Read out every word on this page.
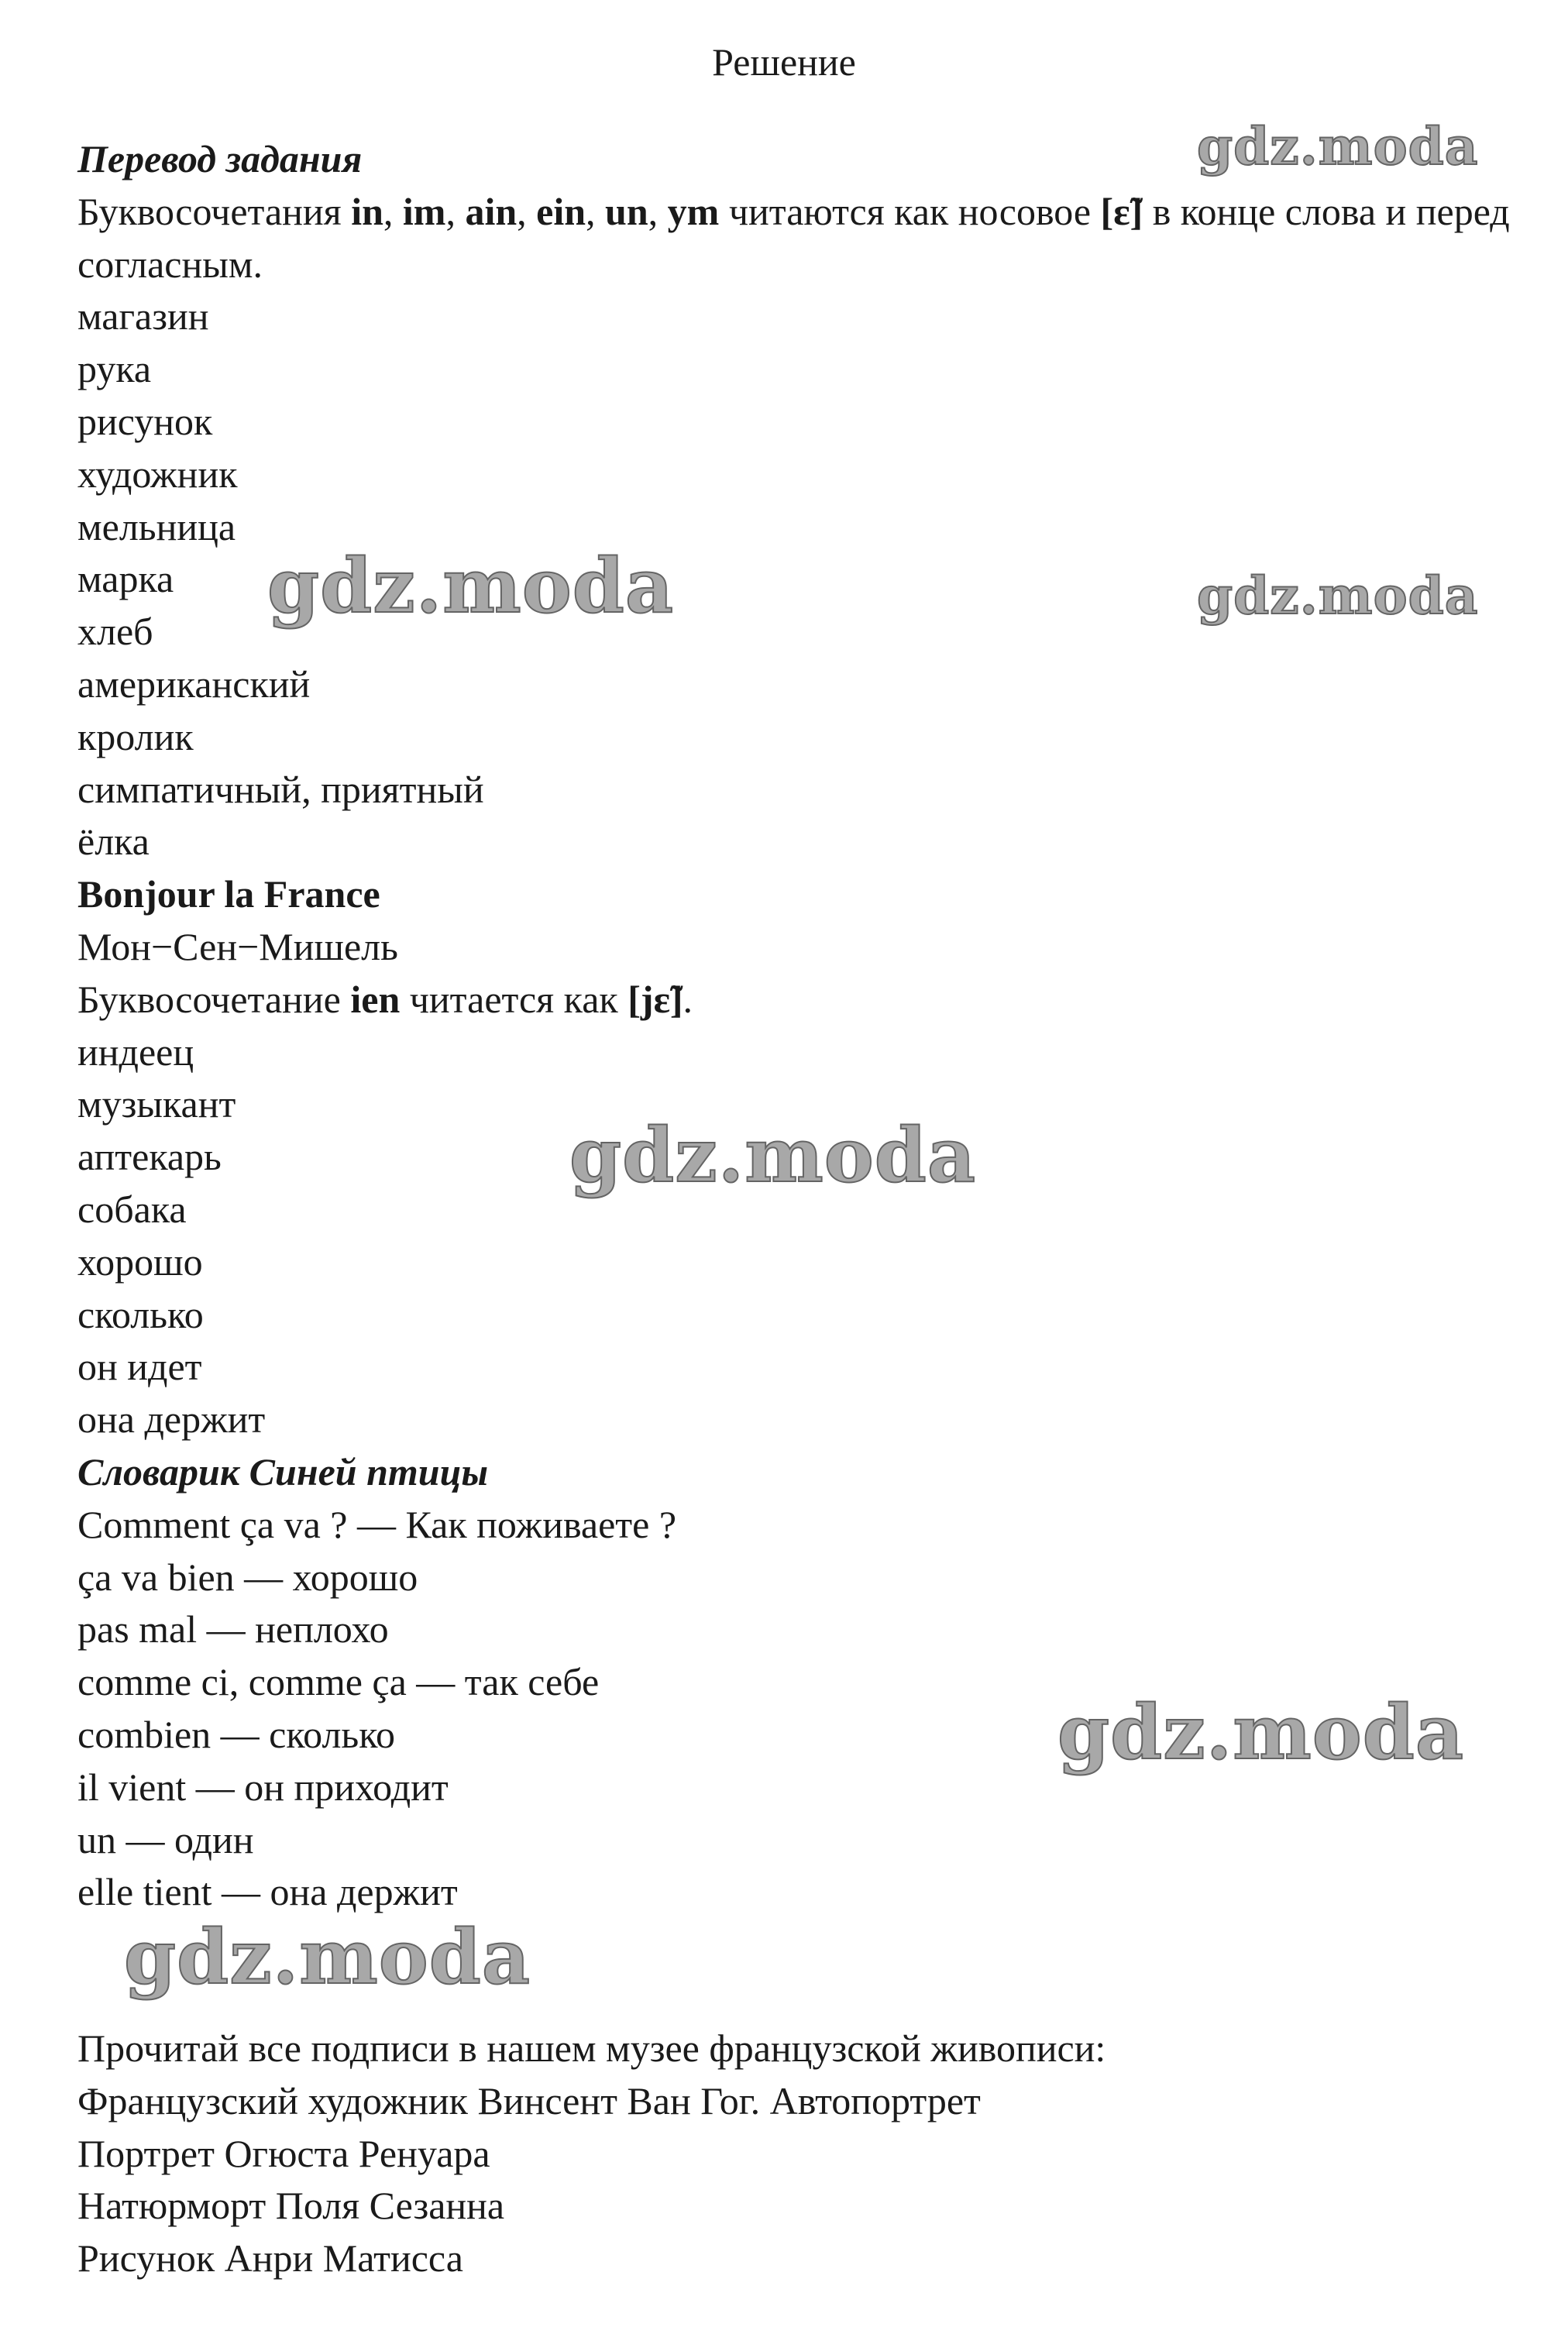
Решение
Перевод задания
Буквосочетания in, im, ain, ein, un, ym читаются как носовое [ɛ̃] в конце слова и перед согласным.
магазин
рука
рисунок
художник
мельница
марка
хлеб
американский
кролик
симпатичный, приятный
ёлка
Bonjour la France
Мон−Сен−Мишель
Буквосочетание ien читается как [jɛ̃].
индеец
музыкант
аптекарь
собака
хорошо
сколько
он идет
она держит
Словарик Синей птицы
Comment ça va ? — Как поживаете ?
ça va bien — хорошо
pas mal — неплохо
comme ci, comme ça — так себе
combien — сколько
il vient — он приходит
un — один
elle tient — она держит
Прочитай все подписи в нашем музее французской живописи:
Французский художник Винсент Ван Гог. Автопортрет
Портрет Огюста Ренуара
Натюрморт Поля Сезанна
Рисунок Анри Матисса
gdz.moda
gdz.moda	gdz.moda
gdz.moda
gdz.moda
gdz.moda
